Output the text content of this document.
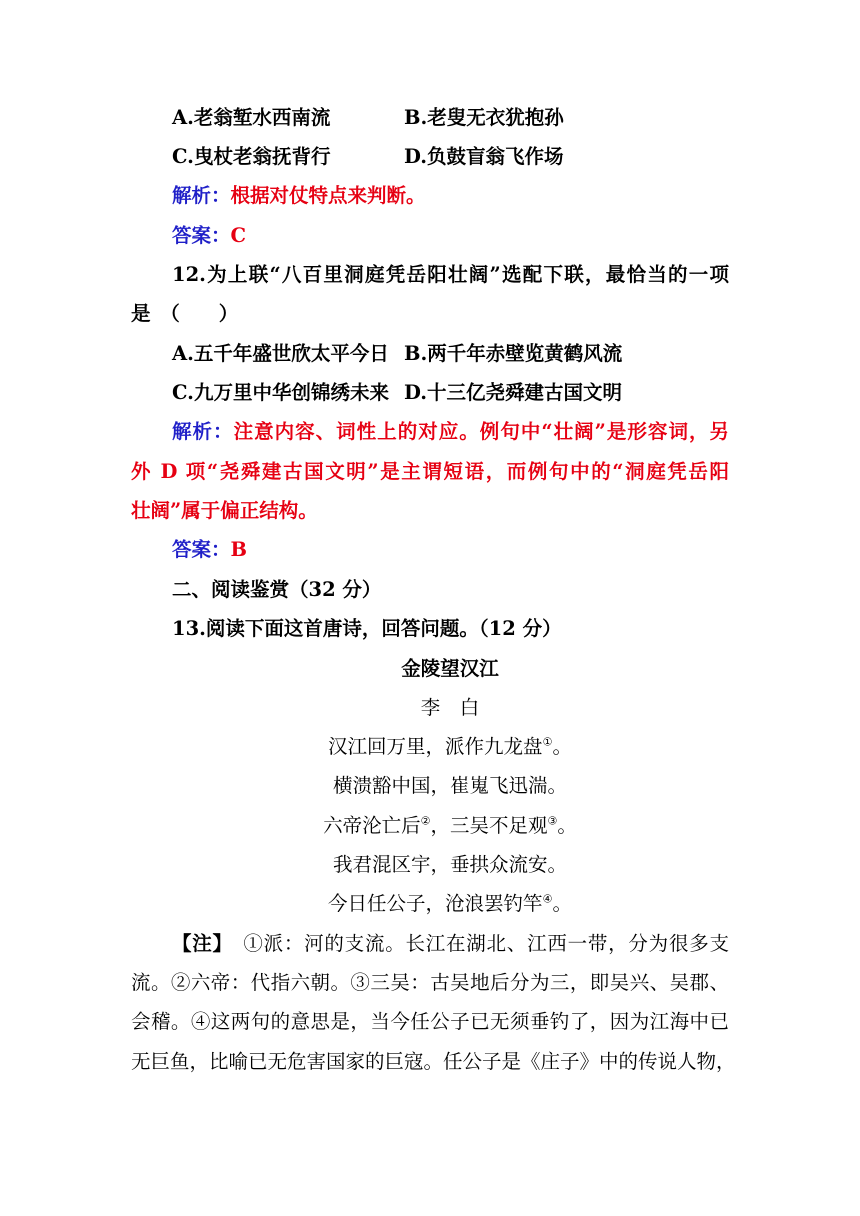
A.老翁堑水西南流	B.老叟无衣犹抱孙
C.曳杖老翁抚背行	D.负鼓盲翁飞作场
解析：根据对仗特点来判断。
答案：C
12.为上联“八百里洞庭凭岳阳壮阔”选配下联，最恰当的一项
是　（　　）
A.五千年盛世欣太平今日 B.两千年赤壁览黄鹤风流
C.九万里中华创锦绣未来 D.十三亿尧舜建古国文明
解析：注意内容、词性上的对应。例句中“壮阔”是形容词，另
外 D 项“尧舜建古国文明”是主谓短语，而例句中的“洞庭凭岳阳
壮阔”属于偏正结构。
答案：B
二、阅读鉴赏（32 分）
13.阅读下面这首唐诗，回答问题。（12 分）
金陵望汉江
李　白
汉江回万里，派作九龙盘①。
横溃豁中国，崔嵬飞迅湍。
六帝沦亡后②，三吴不足观③。
我君混区宇，垂拱众流安。
今日任公子，沧浪罢钓竿④。
【注】　 ①派：河的支流。长江在湖北、江西一带，分为很多支
流。②六帝：代指六朝。③三吴：古吴地后分为三，即吴兴、吴郡、
会稽。④这两句的意思是，当今任公子已无须垂钓了，因为江海中已
无巨鱼，比喻已无危害国家的巨寇。任公子是《庄子》中的传说人物，
